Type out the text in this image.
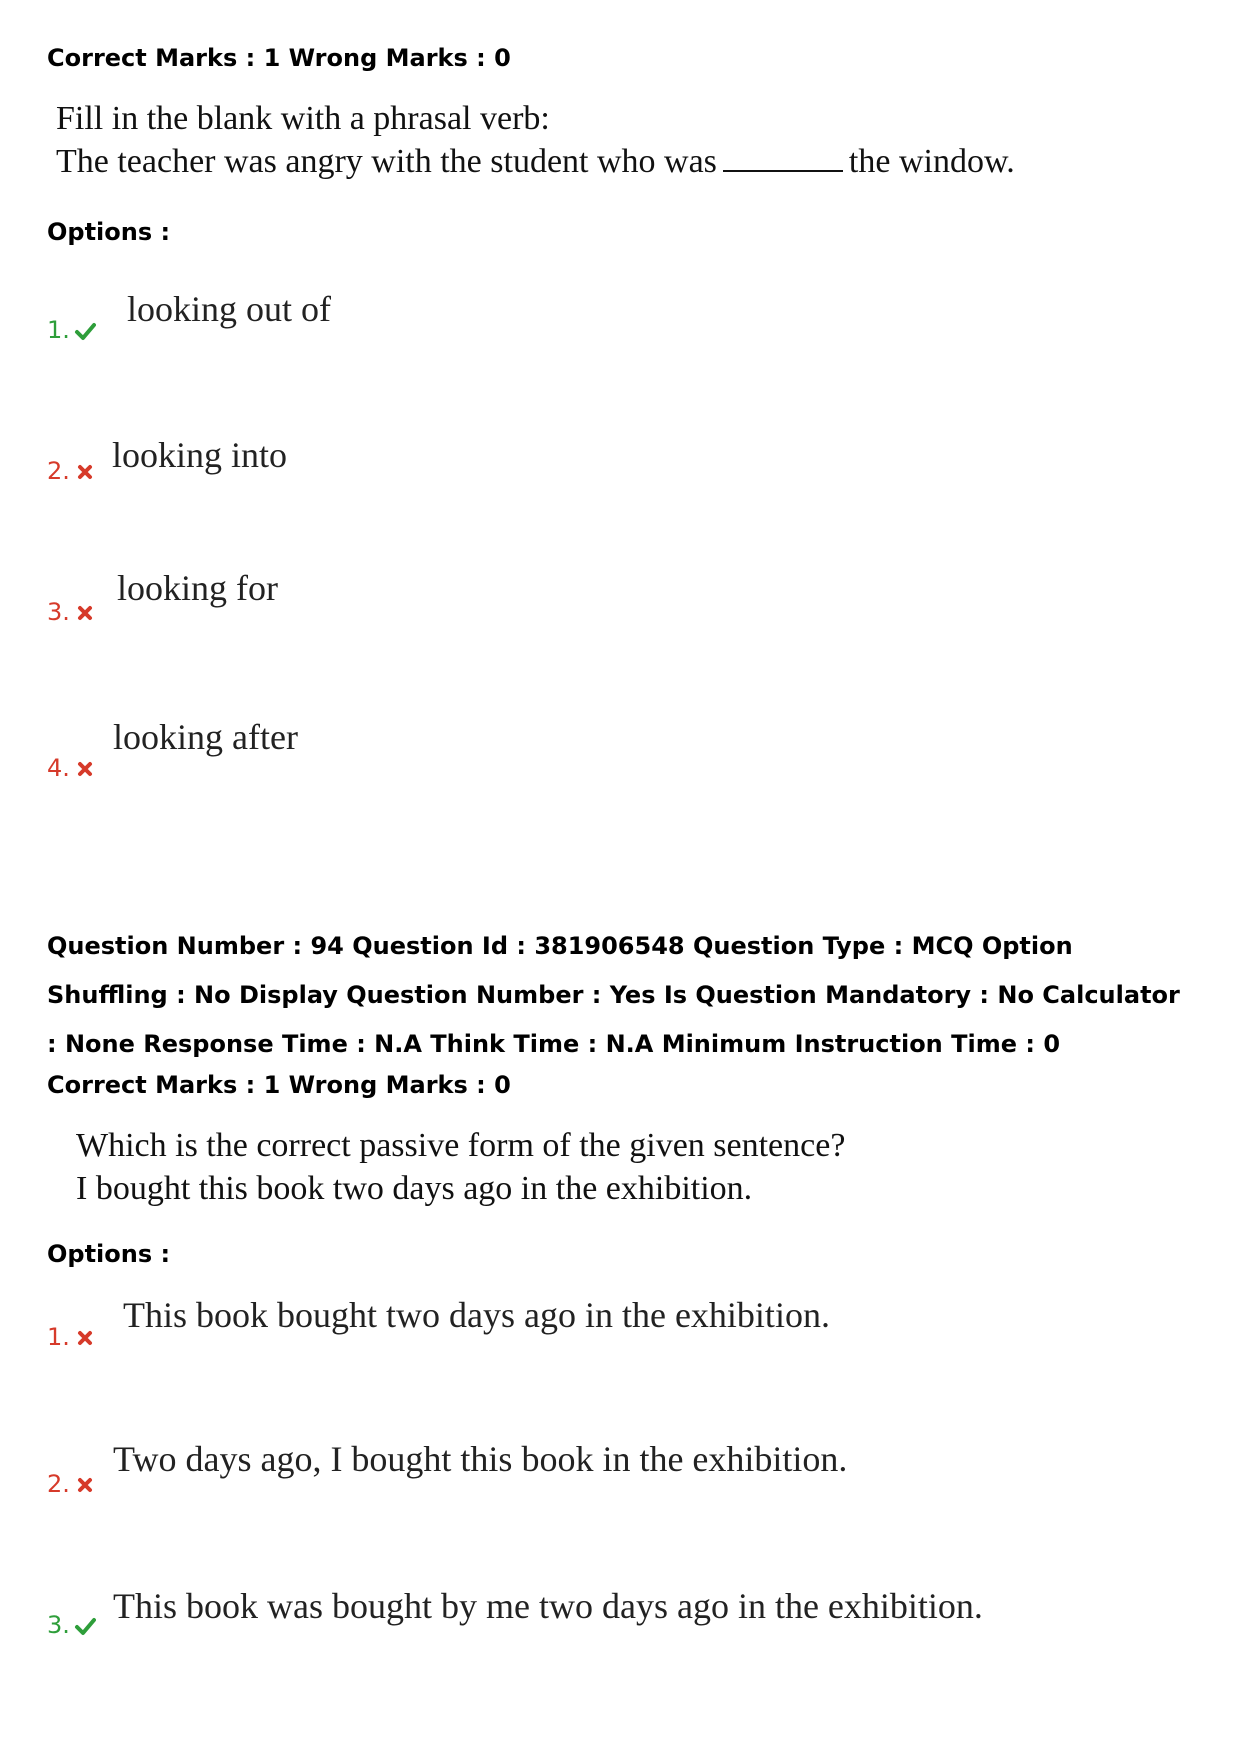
Correct Marks : 1 Wrong Marks : 0
Fill in the blank with a phrasal verb:
The teacher was angry with the student who was	the window.
Options :
1.
looking out of
2.	looking into
3.
looking for
4.
looking after
Question Number : 94 Question Id : 381906548 Question Type : MCQ Option Shuffling : No Display Question Number : Yes Is Question Mandatory : No Calculator : None Response Time : N.A Think Time : N.A Minimum Instruction Time : 0
Correct Marks : 1 Wrong Marks : 0
Which is the correct passive form of the given sentence?
I bought this book two days ago in the exhibition.
Options :
1.
This book bought two days ago in the exhibition.
2.
Two days ago, I bought this book in the exhibition.
3.	This book was bought by me two days ago in the exhibition.
